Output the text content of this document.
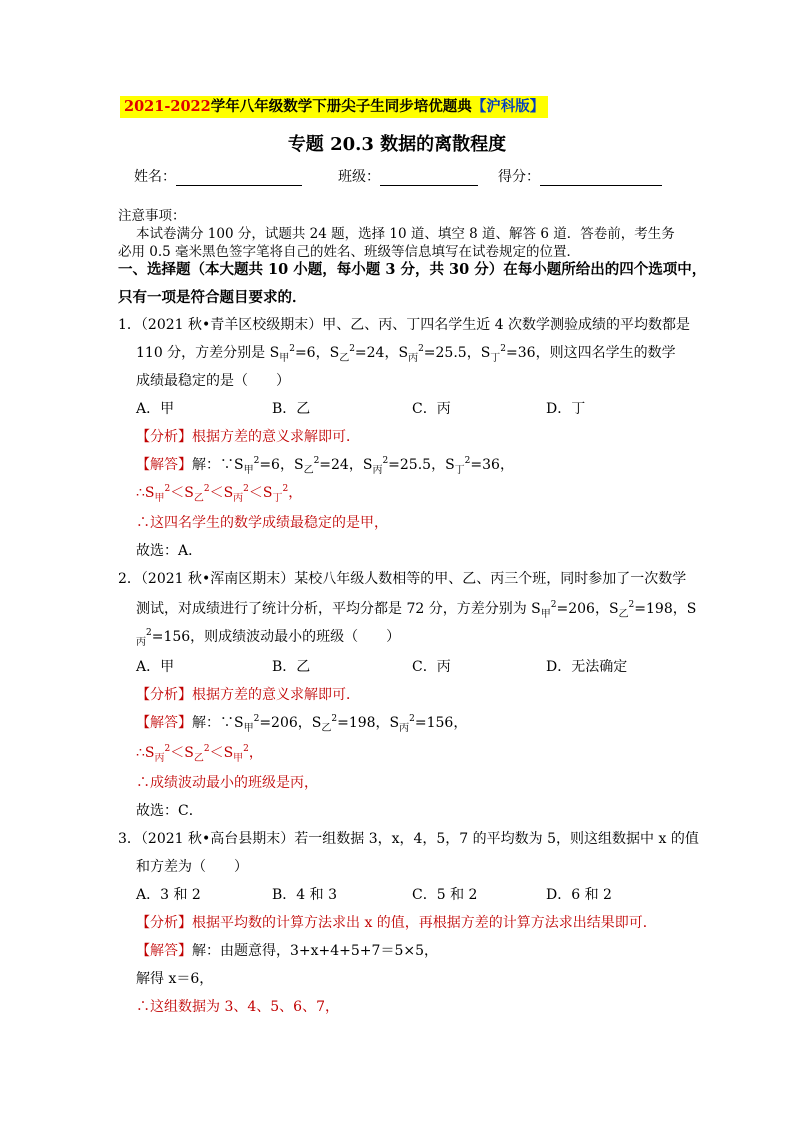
2021-2022学年八年级数学下册尖子生同步培优题典【沪科版】
专题 20.3 数据的离散程度
姓名：	班级：	得分：
注意事项：
本试卷满分 100 分，试题共 24 题，选择 10 道、填空 8 道、解答 6 道．答卷前，考生务
必用 0.5 毫米黑色签字笔将自己的姓名、班级等信息填写在试卷规定的位置．
一、选择题（本大题共 10 小题，每小题 3 分，共 30 分）在每小题所给出的四个选项中，
只有一项是符合题目要求的．
1．（2021 秋•青羊区校级期末）甲、乙、丙、丁四名学生近 4 次数学测验成绩的平均数都是
110 分，方差分别是 $S_甲^2=6$，$S_乙^2=24$，$S_丙^2=25.5$，$S_丁^2=36$，则这四名学生的数学
成绩最稳定的是（　　）
A．甲	B．乙	C．丙	D．丁
【分析】根据方差的意义求解即可．
【解答】解：$\because S_甲^2=6$，$S_乙^2=24$，$S_丙^2=25.5$，$S_丁^2=36$，
$\therefore S_甲^2<S_乙^2<S_丙^2<S_丁^2$，
∴这四名学生的数学成绩最稳定的是甲，
故选：A．
2．（2021 秋•浑南区期末）某校八年级人数相等的甲、乙、丙三个班，同时参加了一次数学
测试，对成绩进行了统计分析，平均分都是 72 分，方差分别为 $S_甲^2=206$，$S_乙^2=198$，S
$_丙^2$=156，则成绩波动最小的班级（　　）
A．甲	B．乙	C．丙	D．无法确定
【分析】根据方差的意义求解即可．
【解答】解：$\because S_甲^2=206$，$S_乙^2=198$，$S_丙^2=156$，
$\therefore S_丙^2<S_乙^2<S_甲^2$，
∴成绩波动最小的班级是丙，
故选：C．
3．（2021 秋•高台县期末）若一组数据 3，x，4，5，7 的平均数为 5，则这组数据中 x 的值
和方差为（　　）
A．3 和 2	B．4 和 3	C．5 和 2	D．6 和 2
【分析】根据平均数的计算方法求出 x 的值，再根据方差的计算方法求出结果即可．
【解答】解：由题意得，3+x+4+5+7＝5×5，
解得 x＝6，
∴这组数据为 3、4、5、6、7，
